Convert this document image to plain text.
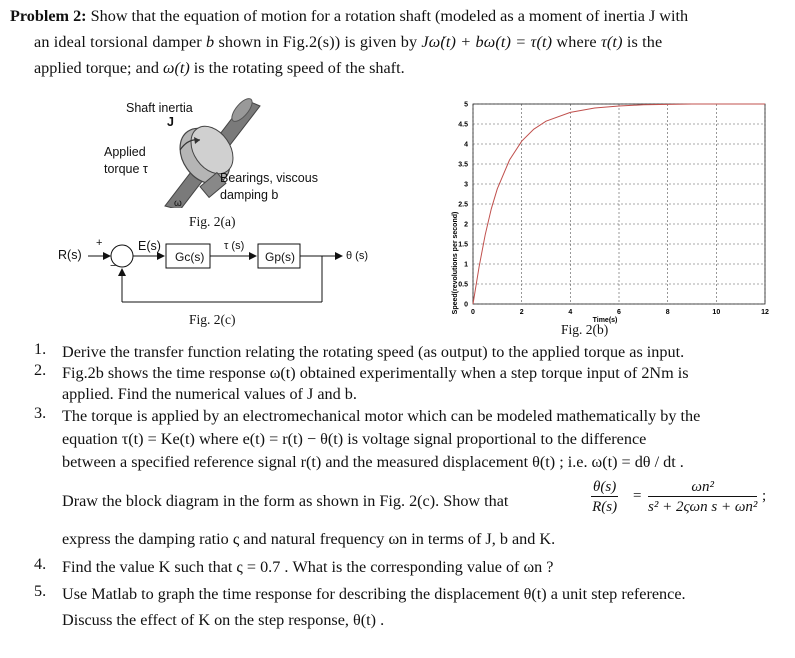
Problem 2: Show that the equation of motion for a rotation shaft (modeled as a moment of inertia J with
an ideal torsional damper b shown in Fig.2(s)) is given by Jω̇(t) + bω(t) = τ(t) where τ(t) is the
applied torque; and ω(t) is the rotating speed of the shaft.
Shaft inertia
J
Applied
torque τ
Bearings, viscous
damping b
ω
Fig. 2(a)
R(s)
+
−
E(s)
Gc(s)
τ (s)
Gp(s)	θ (s)
Fig. 2(c)
0
0.5
1
1.5
2
2.5
3
3.5
4
4.5
5
0	2	4	6	8	10	12
Speed(revolutions per second)
Time(s)
Fig. 2(b)
1. Derive the transfer function relating the rotating speed (as output) to the applied torque as input.
2. Fig.2b shows the time response ω(t) obtained experimentally when a step torque input of 2Nm is
applied. Find the numerical values of J and b.
3. The torque is applied by an electromechanical motor which can be modeled mathematically by the
equation τ(t) = Ke(t) where e(t) = r(t) − θ(t) is voltage signal proportional to the difference
between a specified reference signal r(t) and the measured displacement θ(t) ; i.e. ω(t) = dθ / dt .
Draw the block diagram in the form as shown in Fig. 2(c). Show that	$\frac{\theta(s)}{R(s)}$ =
ωn²
s² + 2ςωn s + ωn²
;
express the damping ratio ς and natural frequency ωn in terms of J, b and K.
4. Find the value K such that ς = 0.7 . What is the corresponding value of ωn ?
5. Use Matlab to graph the time response for describing the displacement θ(t) a unit step reference.
Discuss the effect of K on the step response, θ(t) .
